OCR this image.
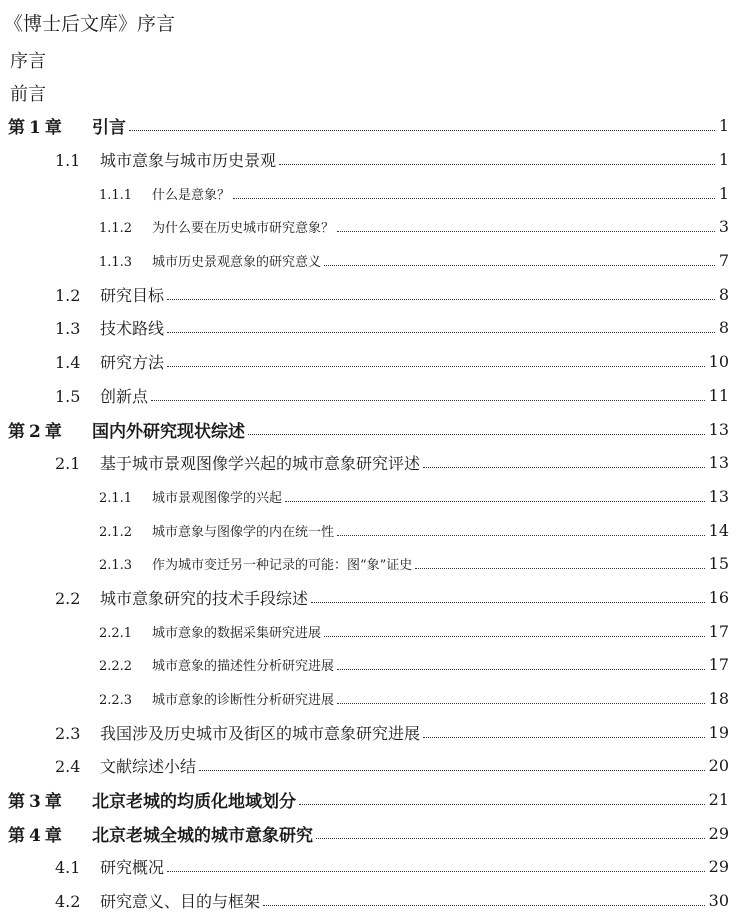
《博士后文库》序言
序言
前言
第 1 章	引言	1
1.1	城市意象与城市历史景观	1
1.1.1	什么是意象？	1
1.1.2	为什么要在历史城市研究意象？	3
1.1.3	城市历史景观意象的研究意义	7
1.2	研究目标	8
1.3	技术路线	8
1.4	研究方法	10
1.5	创新点	11
第 2 章	国内外研究现状综述	13
2.1	基于城市景观图像学兴起的城市意象研究评述	13
2.1.1	城市景观图像学的兴起	13
2.1.2	城市意象与图像学的内在统一性	14
2.1.3	作为城市变迁另一种记录的可能：图“象”证史	15
2.2	城市意象研究的技术手段综述	16
2.2.1	城市意象的数据采集研究进展	17
2.2.2	城市意象的描述性分析研究进展	17
2.2.3	城市意象的诊断性分析研究进展	18
2.3	我国涉及历史城市及街区的城市意象研究进展	19
2.4	文献综述小结	20
第 3 章	北京老城的均质化地域划分	21
第 4 章	北京老城全城的城市意象研究	29
4.1	研究概况	29
4.2	研究意义、目的与框架	30
